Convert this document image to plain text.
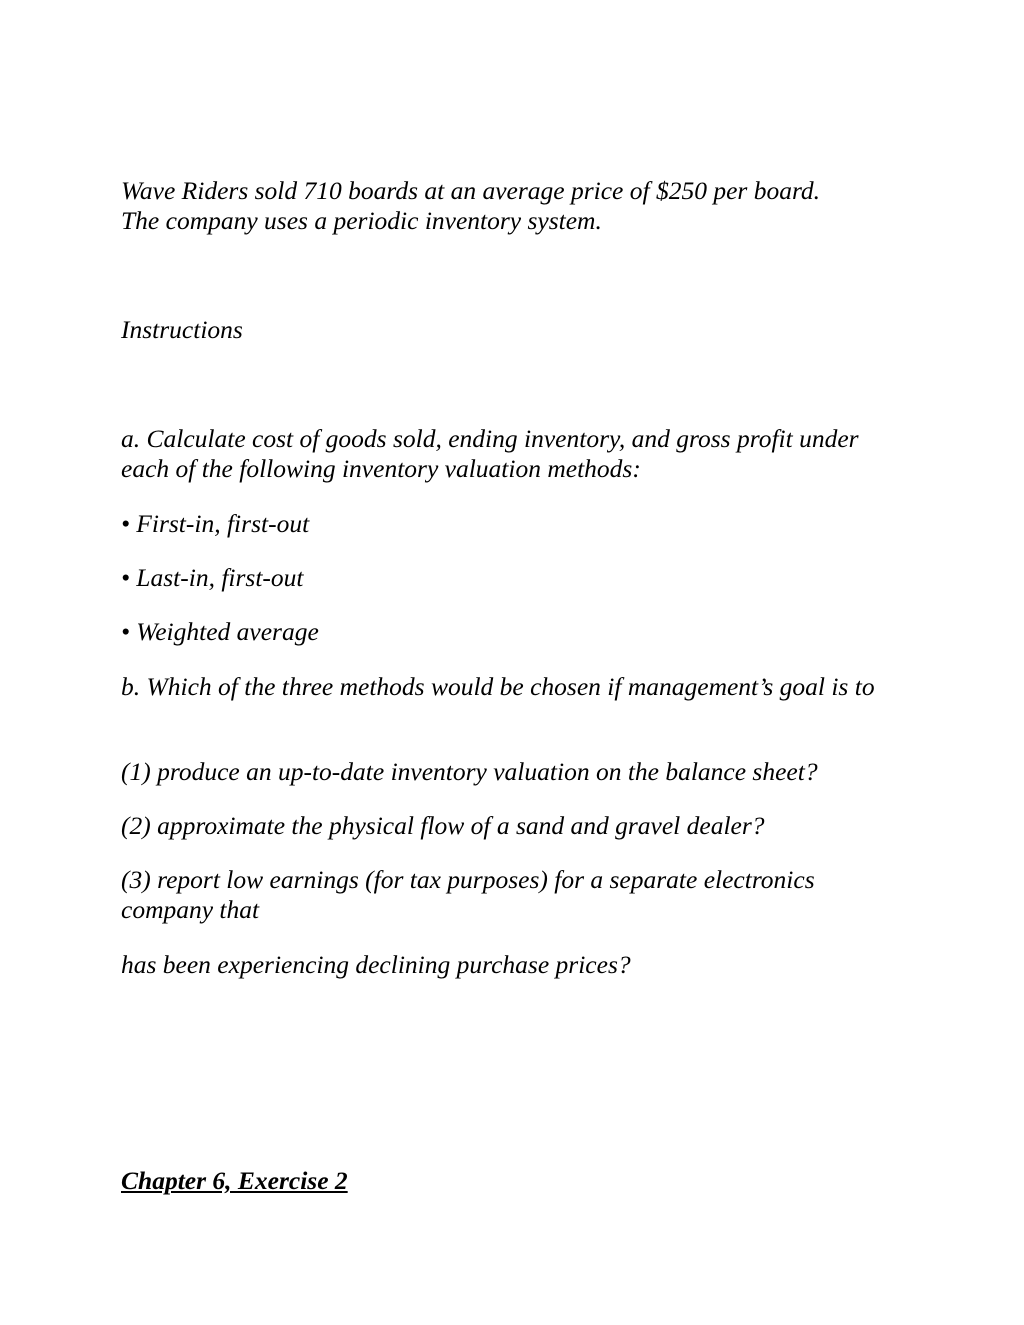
Wave Riders sold 710 boards at an average price of $250 per board.

The company uses a periodic inventory system.

Instructions

a. Calculate cost of goods sold, ending inventory, and gross profit under each of the following inventory valuation methods:

• First-in, first-out

• Last-in, first-out

• Weighted average

b. Which of the three methods would be chosen if management’s goal is to

(1) produce an up-to-date inventory valuation on the balance sheet?

(2) approximate the physical flow of a sand and gravel dealer?

(3) report low earnings (for tax purposes) for a separate electronics company that

has been experiencing declining purchase prices?

Chapter 6, Exercise 2
